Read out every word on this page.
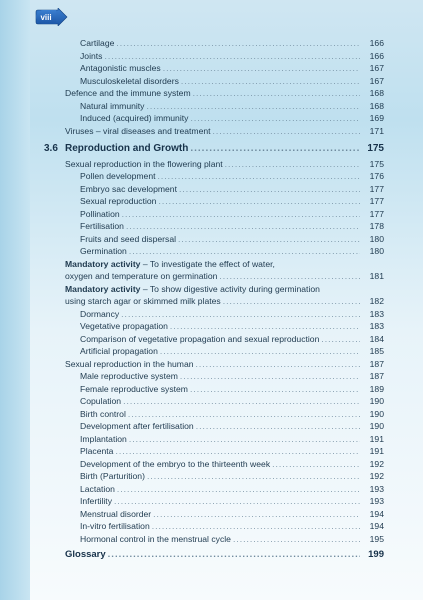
viii
Cartilage .....	166
Joints .....	166
Antagonistic muscles .....	167
Musculoskeletal disorders .....	167
Defence and the immune system .....	168
Natural immunity .....	168
Induced (acquired) immunity .....	169
Viruses – viral diseases and treatment .....	171
3.6 Reproduction and Growth .....	175
Sexual reproduction in the flowering plant .....	175
Pollen development .....	176
Embryo sac development .....	177
Sexual reproduction .....	177
Pollination .....	177
Fertilisation .....	178
Fruits and seed dispersal .....	180
Germination .....	180
Mandatory activity – To investigate the effect of water,
oxygen and temperature on germination .....	181
Mandatory activity – To show digestive activity during germination
using starch agar or skimmed milk plates .....	182
Dormancy .....	183
Vegetative propagation .....	183
Comparison of vegetative propagation and sexual reproduction .....	184
Artificial propagation .....	185
Sexual reproduction in the human .....	187
Male reproductive system .....	187
Female reproductive system .....	189
Copulation .....	190
Birth control .....	190
Development after fertilisation .....	190
Implantation .....	191
Placenta .....	191
Development of the embryo to the thirteenth week .....	192
Birth (Parturition) .....	192
Lactation .....	193
Infertility .....	193
Menstrual disorder .....	194
In-vitro fertilisation .....	194
Hormonal control in the menstrual cycle .....	195
Glossary .....	199
